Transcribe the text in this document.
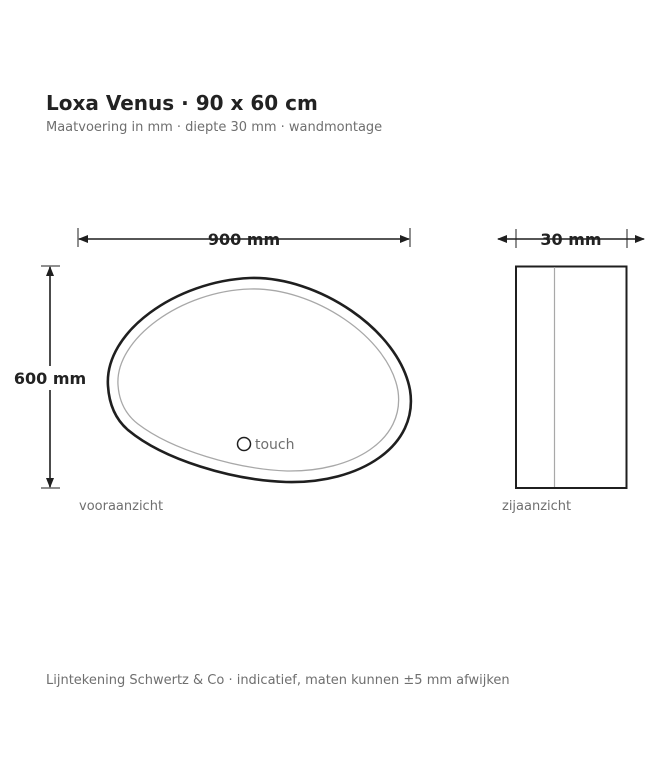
Loxa Venus · 90 x 60 cm
Maatvoering in mm · diepte 30 mm · wandmontage
900 mm
600 mm
touch
vooraanzicht
30 mm
zijaanzicht
Lijntekening Schwertz & Co · indicatief, maten kunnen ±5 mm afwijken
